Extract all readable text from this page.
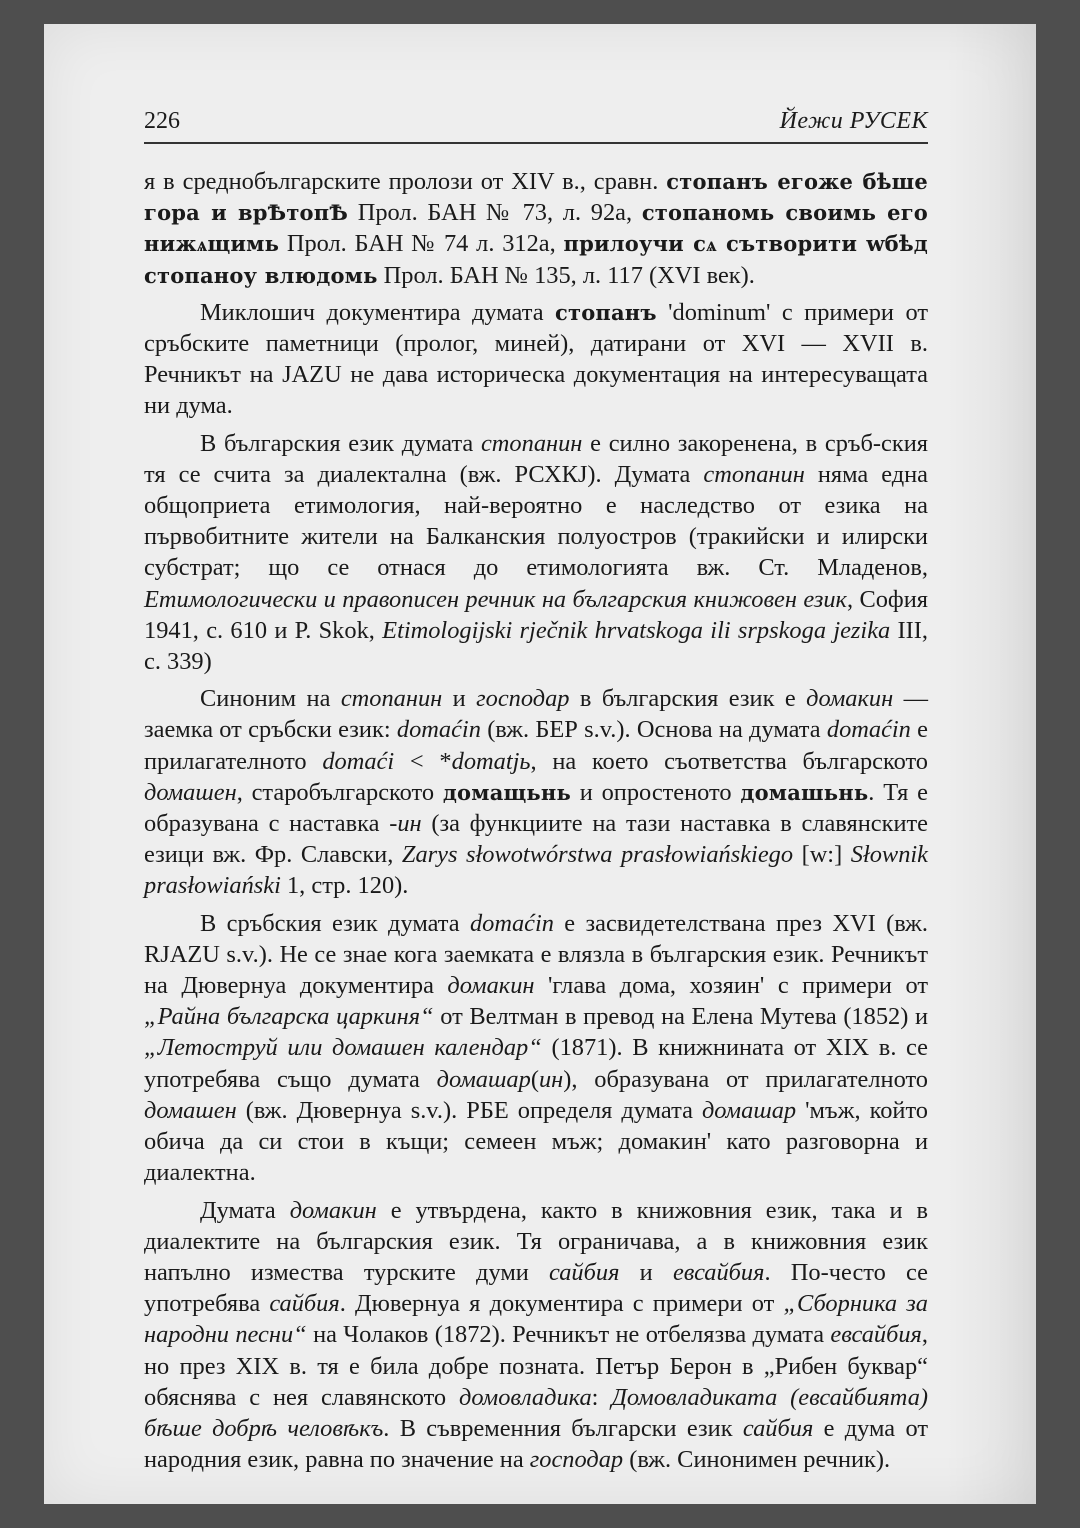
226	Йежи РУСЕК

я в среднобългарските пролози от XIV в., сравн. стопанъ егоже бѣше гора и врѢтопѢ Прол. БАН № 73, л. 92а, стопаномь своимь его нижѧщимь Прол. БАН № 74 л. 312а, прилоучи сѧ сътворити wбѣд стопаноу влюдомь Прол. БАН № 135, л. 117 (XVI век).

Миклошич документира думата стопанъ 'dominum' с примери от сръбските паметници (пролог, миней), датирани от XVI — XVII в. Речникът на JAZU не дава историческа документация на интересуващата ни дума.

В българския език думата стопанин е силно закоренена, в сръб-ския тя се счита за диалектална (вж. РСХКЈ). Думата стопанин няма една общоприета етимология, най-вероятно е наследство от езика на първобитните жители на Балканския полуостров (тракийски и илирски субстрат; що се отнася до етимологията вж. Ст. Младенов, Етимологически и правописен речник на българския книжовен език, София 1941, с. 610 и Р. Skok, Etimologijski rječnik hrvatskoga ili srpskoga jezika III, с. 339)

Синоним на стопанин и господар в българския език е домакин — заемка от сръбски език: domaćin (вж. БЕР s.v.). Основа на думата domaćin е прилагателното domaći < *domatjь, на което съответства българското домашен, старобългарското домащьнь и опростеното домашьнь. Тя е образувана с наставка -ин (за функциите на тази наставка в славянските езици вж. Фр. Славски, Zarys słowotwórstwa prasłowiańskiego [w:] Słownik prasłowiański 1, стр. 120).

В сръбския език думата domaćin е засвидетелствана през XVI (вж. RJAZU s.v.). Не се знае кога заемката е влязла в българския език. Речникът на Дювернуа документира домакин 'глава дома, хозяин' с примери от „Райна българска царкиня“ от Велтман в превод на Елена Мутева (1852) и „Летоструй или домашен календар“ (1871). В книжнината от XIX в. се употребява също думата домашар(ин), образувана от прилагателното домашен (вж. Дювернуа s.v.). РБЕ определя думата домашар 'мъж, който обича да си стои в къщи; семеен мъж; домакин' като разговорна и диалектна.

Думата домакин е утвърдена, както в книжовния език, така и в диалектите на българския език. Тя ограничава, а в книжовния език напълно измества турските думи сайбия и евсайбия. По-често се употребява сайбия. Дювернуа я документира с примери от „Сборника за народни песни“ на Чолаков (1872). Речникът не отбелязва думата евсайбия, но през XIX в. тя е била добре позната. Петър Берон в „Рибен буквар“ обяснява с нея славянското домовладика: Домовладиката (евсайбията) бѣше добрѣ человѣкъ. В съвременния български език сайбия е дума от народния език, равна по значение на господар (вж. Синонимен речник).
